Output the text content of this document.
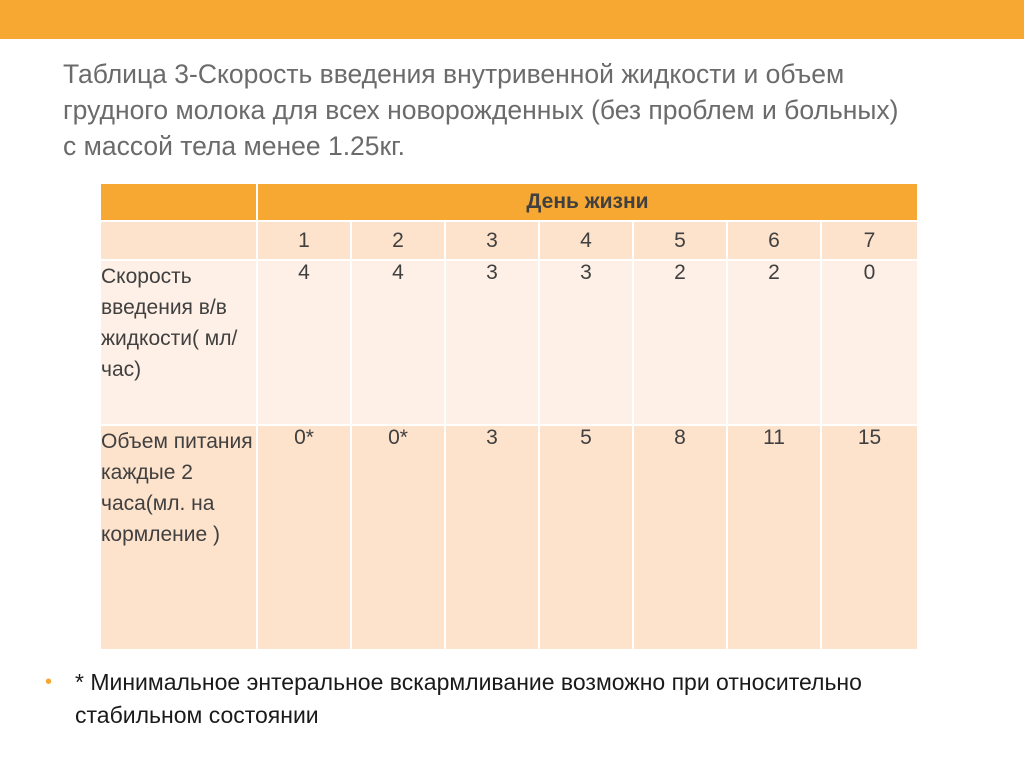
Таблица 3-Скорость введения внутривенной жидкости и объем
грудного молока для всех новорожденных (без проблем и больных)
с массой тела менее 1.25кг.
	День жизни						
	1	2	3	4	5	6	7
Скорость введения в/в жидкости( мл/час)	4	4	3	3	2	2	0
Объем питания каждые 2 часа(мл. на кормление )	0*	0*	3	5	8	11	15
• * Минимальное энтеральное вскармливание возможно при относительно стабильном состоянии
